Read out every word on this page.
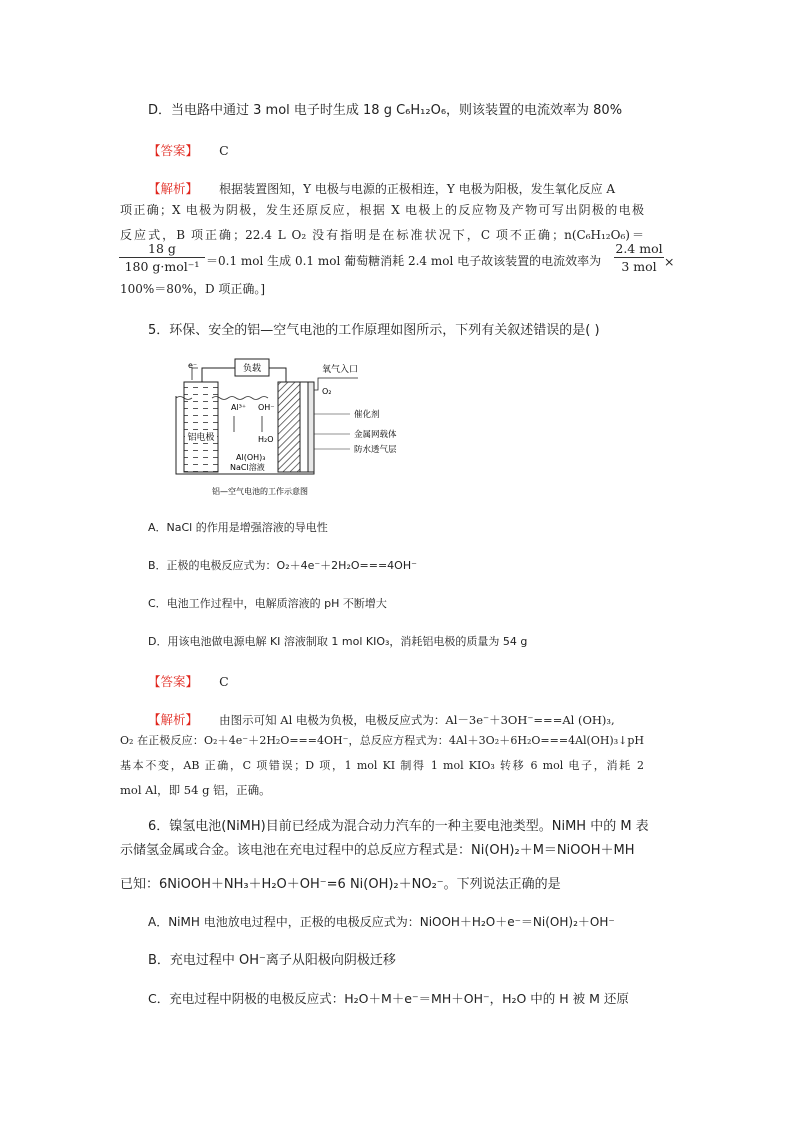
D．当电路中通过 3 mol 电子时生成 18 g C₆H₁₂O₆，则该装置的电流效率为 80%
【答案】 C
【解析】 根据装置图知，Y 电极与电源的正极相连，Y 电极为阳极，发生氧化反应 A
项正确；X 电极为阴极，发生还原反应，根据 X 电极上的反应物及产物可写出阴极的电极
反应式，B 项正确；22.4 L O₂ 没有指明是在标准状况下，C 项不正确；n(C₆H₁₂O₆)＝
18 g
180 g·mol⁻¹ ＝0.1 mol 生成 0.1 mol 葡萄糖消耗 2.4 mol 电子故该装置的电流效率为
2.4 mol
3 mol ×
100%＝80%，D 项正确。]
5．环保、安全的铝—空气电池的工作原理如图所示，下列有关叙述错误的是( )
负载
e⁻
铝电极
Al³⁺ OH⁻
H₂O
Al(OH)₃
NaCl溶液
氧气入口
O₂
催化剂
金属网载体
防水透气层
铝—空气电池的工作示意图
A．NaCl 的作用是增强溶液的导电性
B．正极的电极反应式为：O₂＋4e⁻＋2H₂O===4OH⁻
C．电池工作过程中，电解质溶液的 pH 不断增大
D．用该电池做电源电解 KI 溶液制取 1 mol KIO₃，消耗铝电极的质量为 54 g
【答案】 C
【解析】 由图示可知 Al 电极为负极，电极反应式为：Al－3e⁻＋3OH⁻===Al (OH)₃,
O₂ 在正极反应：O₂＋4e⁻＋2H₂O===4OH⁻，总反应方程式为：4Al＋3O₂＋6H₂O===4Al(OH)₃↓pH
基本不变，AB 正确，C 项错误；D 项，1 mol KI 制得 1 mol KIO₃ 转移 6 mol 电子，消耗 2
mol Al，即 54 g 铝，正确。
6．镍氢电池(NiMH)目前已经成为混合动力汽车的一种主要电池类型。NiMH 中的 M 表
示储氢金属或合金。该电池在充电过程中的总反应方程式是：Ni(OH)₂＋M＝NiOOH＋MH
已知：6NiOOH＋NH₃＋H₂O＋OH⁻=6 Ni(OH)₂＋NO₂⁻。下列说法正确的是
A．NiMH 电池放电过程中，正极的电极反应式为：NiOOH＋H₂O＋e⁻＝Ni(OH)₂＋OH⁻
B．充电过程中 OH⁻离子从阳极向阴极迁移
C．充电过程中阴极的电极反应式：H₂O＋M＋e⁻＝MH＋OH⁻，H₂O 中的 H 被 M 还原
